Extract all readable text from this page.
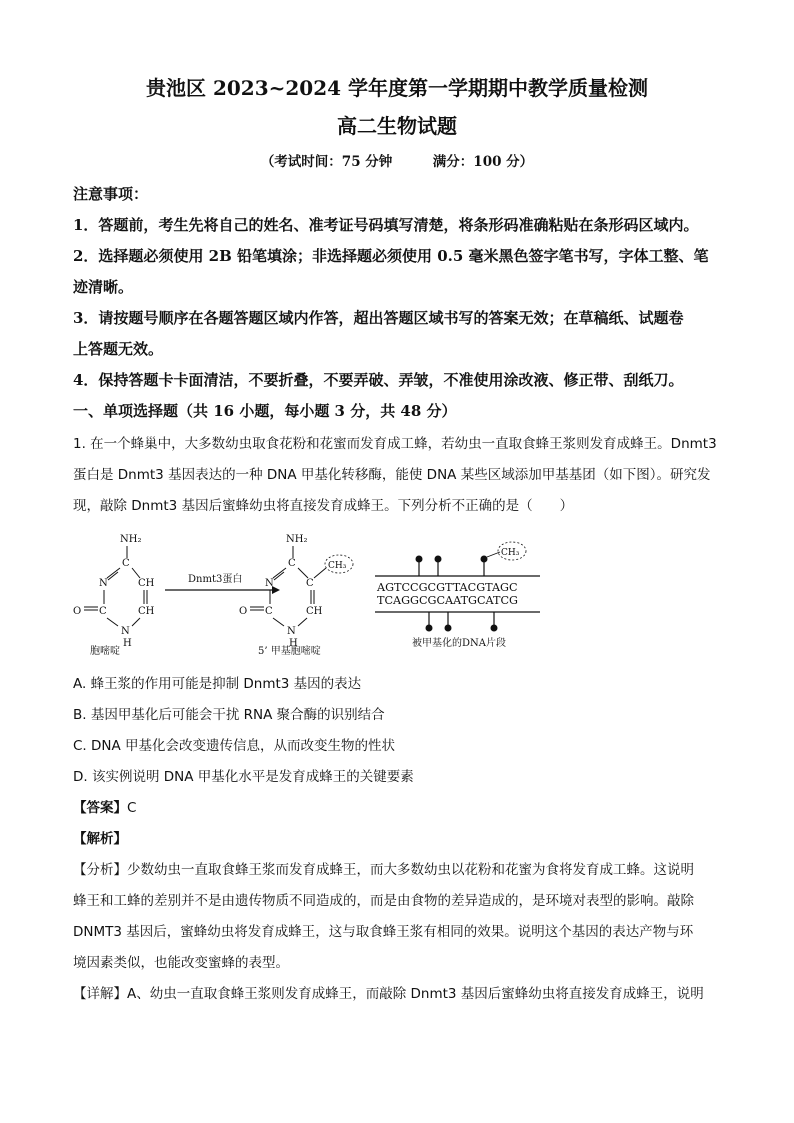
贵池区 2023~2024 学年度第一学期期中教学质量检测
高二生物试题
（考试时间：75 分钟　　　满分：100 分）
注意事项：
1．答题前，考生先将自己的姓名、准考证号码填写清楚，将条形码准确粘贴在条形码区域内。
2．选择题必须使用 2B 铅笔填涂；非选择题必须使用 0.5 毫米黑色签字笔书写，字体工整、笔
迹清晰。
3．请按题号顺序在各题答题区域内作答，超出答题区域书写的答案无效；在草稿纸、试题卷
上答题无效。
4．保持答题卡卡面清洁，不要折叠，不要弄破、弄皱，不准使用涂改液、修正带、刮纸刀。
一、单项选择题（共 16 小题，每小题 3 分，共 48 分）
1. 在一个蜂巢中，大多数幼虫取食花粉和花蜜而发育成工蜂，若幼虫一直取食蜂王浆则发育成蜂王。Dnmt3
蛋白是 Dnmt3 基因表达的一种 DNA 甲基化转移酶，能使 DNA 某些区域添加甲基基团（如下图）。研究发
现，敲除 Dnmt3 基因后蜜蜂幼虫将直接发育成蜂王。下列分析不正确的是（　　）
NH₂
C
N	CH
C	CH
O
N
H
胞嘧啶
Dnmt3蛋白
NH₂
C
N	C
CH₃
C	CH
O
N
H
5’ 甲基胞嘧啶
CH₃
AGTCCGCGTTACGTAGC
TCAGGCGCAATGCATCG
被甲基化的DNA片段
A. 蜂王浆的作用可能是抑制 Dnmt3 基因的表达
B. 基因甲基化后可能会干扰 RNA 聚合酶的识别结合
C. DNA 甲基化会改变遗传信息，从而改变生物的性状
D. 该实例说明 DNA 甲基化水平是发育成蜂王的关键要素
【答案】C
【解析】
【分析】少数幼虫一直取食蜂王浆而发育成蜂王，而大多数幼虫以花粉和花蜜为食将发育成工蜂。这说明
蜂王和工蜂的差别并不是由遗传物质不同造成的，而是由食物的差异造成的，是环境对表型的影响。敲除
DNMT3 基因后，蜜蜂幼虫将发育成蜂王，这与取食蜂王浆有相同的效果。说明这个基因的表达产物与环
境因素类似，也能改变蜜蜂的表型。
【详解】A、幼虫一直取食蜂王浆则发育成蜂王，而敲除 Dnmt3 基因后蜜蜂幼虫将直接发育成蜂王，说明
